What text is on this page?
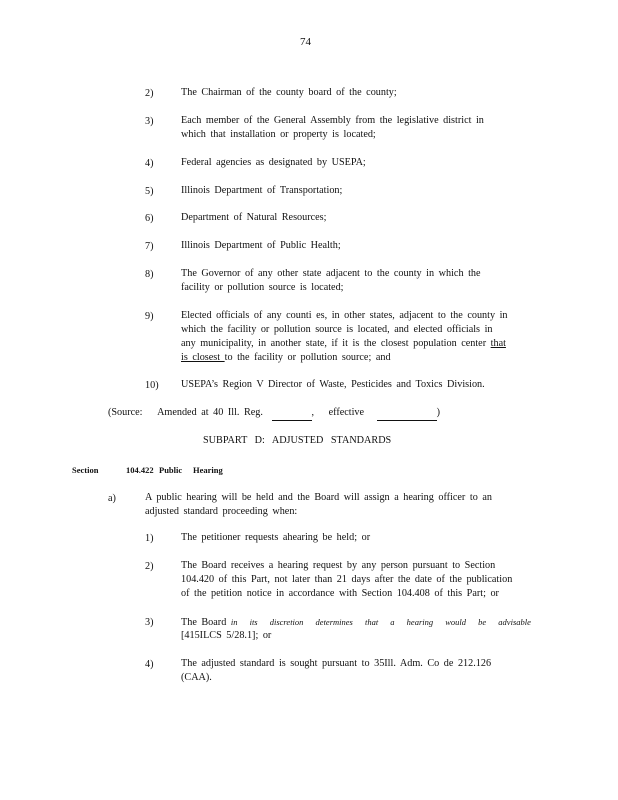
74
2)	The Chairman of the county board of the county;
3)	Each member of the General Assembly from the legislative district in
which that installation or property is located;
4)	Federal agencies as designated by USEPA;
5)	Illinois Department of Transportation;
6)	Department of Natural Resources;
7)	Illinois Department of Public Health;
8)	The Governor of any other state adjacent to the county in which the
facility or pollution source is located;
9)	Elected officials of any counti es, in other states, adjacent to the county in
which the facility or pollution source is located, and elected officials in
any municipality, in another state, if it is the closest population center that
is closest to the facility or pollution source; and
10) USEPA’s Region V Director of Waste, Pesticides and Toxics Division.
(Source: Amended at 40 Ill. Reg.	, effective	)
SUBPART D: ADJUSTED STANDARDS
Section	104.422 Public Hearing
a)	A public hearing will be held and the Board will assign a hearing officer to an
adjusted standard proceeding when:
1)	The petitioner requests ahearing be held; or
2)	The Board receives a hearing request by any person pursuant to Section
104.420 of this Part, not later than 21 days after the date of the publication
of the petition notice in accordance with Section 104.408 of this Part; or
3)	The Board in its discretion determines that a hearing would be advisable
[415ILCS 5/28.1]; or
4)	The adjusted standard is sought pursuant to 35Ill. Adm. Co de 212.126
(CAA).
